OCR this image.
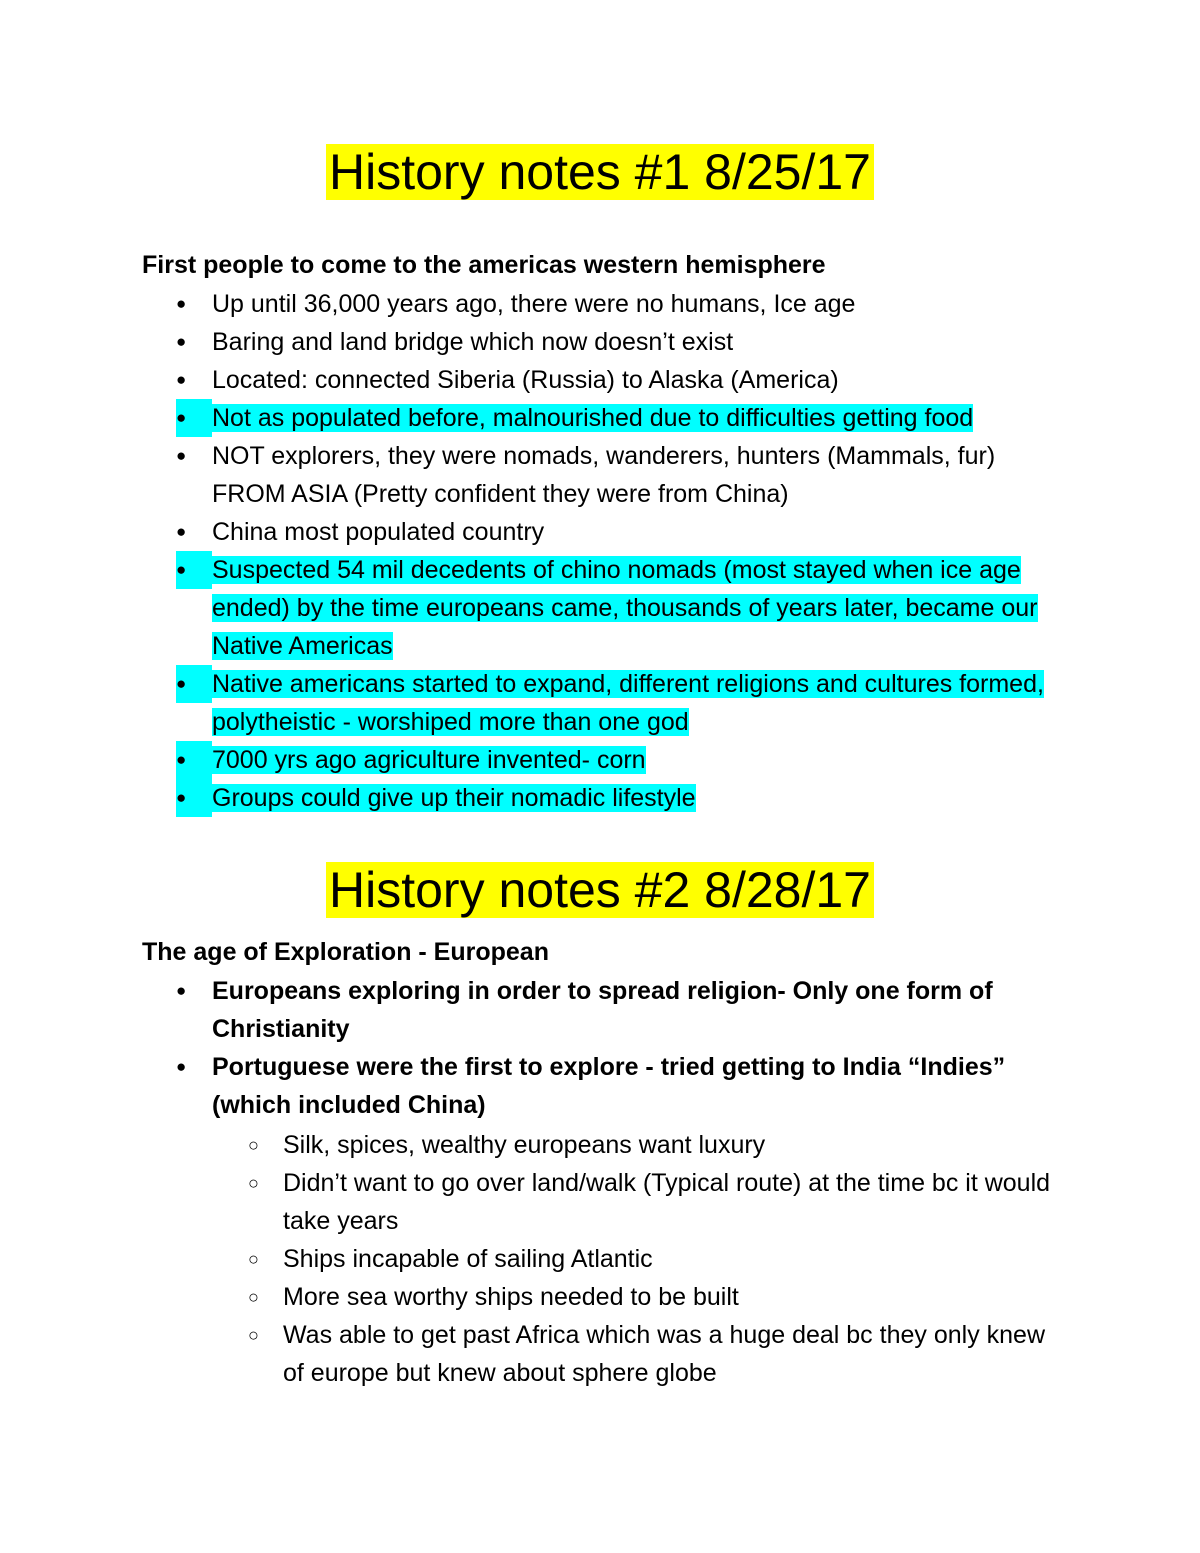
History notes #1 8/25/17

First people to come to the americas western hemisphere

●	Up until 36,000 years ago, there were no humans, Ice age
●	Baring and land bridge which now doesn’t exist
●	Located: connected Siberia (Russia) to Alaska (America)
●	Not as populated before, malnourished due to difficulties getting food
●	NOT explorers, they were nomads, wanderers, hunters (Mammals, fur) FROM ASIA (Pretty confident they were from China)
●	China most populated country
●	Suspected 54 mil decedents of chino nomads (most stayed when ice age ended) by the time europeans came, thousands of years later, became our Native Americas
●	Native americans started to expand, different religions and cultures formed, polytheistic - worshiped more than one god
●	7000 yrs ago agriculture invented- corn
●	Groups could give up their nomadic lifestyle
History notes #2 8/28/17

The age of Exploration - European

●	Europeans exploring in order to spread religion- Only one form of Christianity
●	Portuguese were the first to explore - tried getting to India “Indies” (which included China)
○ Silk, spices, wealthy europeans want luxury
○ Didn’t want to go over land/walk (Typical route) at the time bc it would take years
○ Ships incapable of sailing Atlantic
○ More sea worthy ships needed to be built
○ Was able to get past Africa which was a huge deal bc they only knew of europe but knew about sphere globe
